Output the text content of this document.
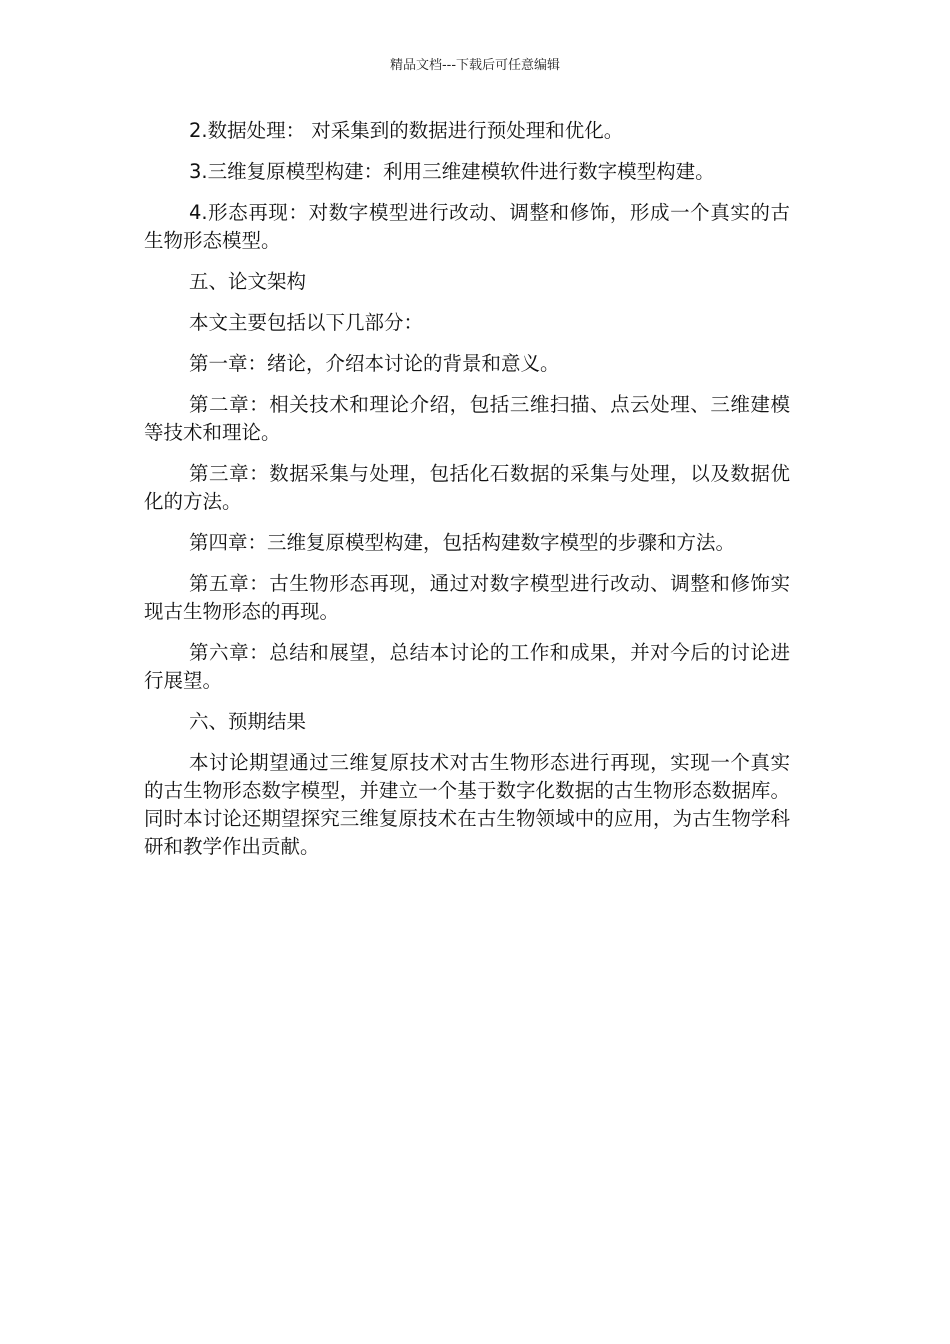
精品文档---下载后可任意编辑

2.数据处理： 对采集到的数据进行预处理和优化。

3.三维复原模型构建：利用三维建模软件进行数字模型构建。

4.形态再现：对数字模型进行改动、调整和修饰，形成一个真实的古生物形态模型。

五、论文架构

本文主要包括以下几部分：

第一章：绪论，介绍本讨论的背景和意义。

第二章：相关技术和理论介绍，包括三维扫描、点云处理、三维建模等技术和理论。

第三章：数据采集与处理，包括化石数据的采集与处理，以及数据优化的方法。

第四章：三维复原模型构建，包括构建数字模型的步骤和方法。

第五章：古生物形态再现，通过对数字模型进行改动、调整和修饰实现古生物形态的再现。

第六章：总结和展望，总结本讨论的工作和成果，并对今后的讨论进行展望。

六、预期结果

本讨论期望通过三维复原技术对古生物形态进行再现，实现一个真实的古生物形态数字模型，并建立一个基于数字化数据的古生物形态数据库。同时本讨论还期望探究三维复原技术在古生物领域中的应用，为古生物学科研和教学作出贡献。
